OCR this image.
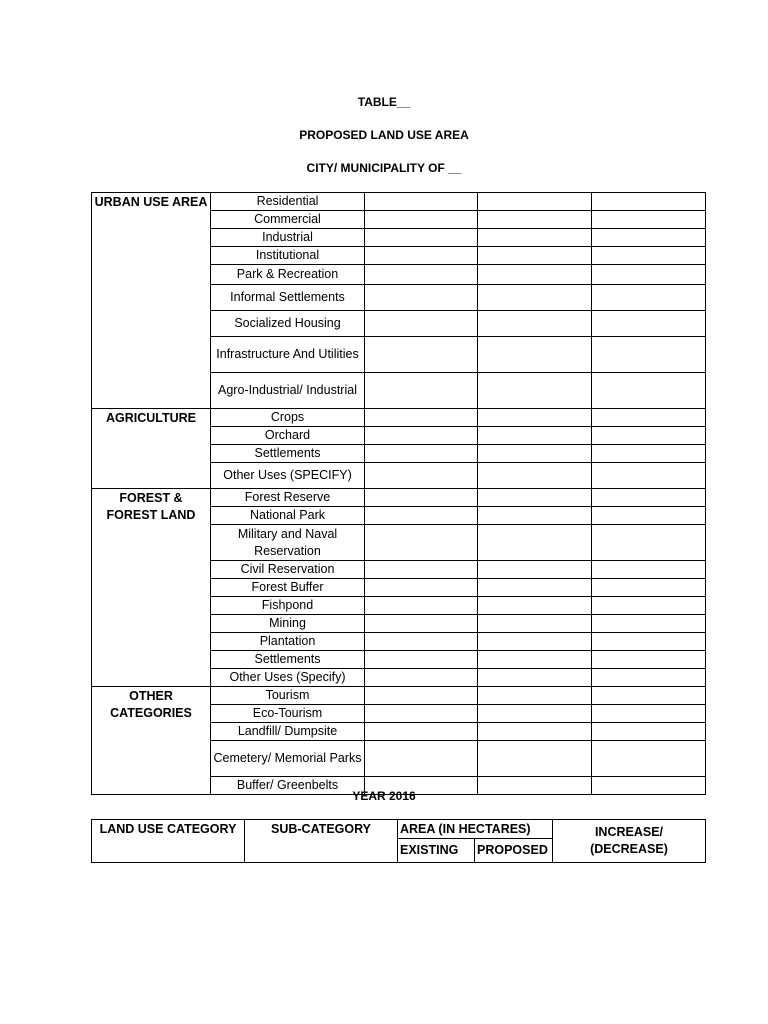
TABLE__
PROPOSED LAND USE AREA
CITY/ MUNICIPALITY OF __
URBAN USE AREA	Residential			
	Commercial			
	Industrial			
	Institutional			
	Park & Recreation			
	Informal Settlements			
	Socialized Housing			
	Infrastructure And Utilities			
	Agro-Industrial/ Industrial			
AGRICULTURE	Crops			
	Orchard			
	Settlements			
	Other Uses (SPECIFY)			
FOREST & FOREST LAND	Forest Reserve			
	National Park			
	Military and Naval Reservation			
	Civil Reservation			
	Forest Buffer			
	Fishpond			
	Mining			
	Plantation			
	Settlements			
	Other Uses (Specify)			
OTHER CATEGORIES	Tourism			
	Eco-Tourism			
	Landfill/ Dumpsite			
	Cemetery/ Memorial Parks			
	Buffer/ Greenbelts			
YEAR 2016
LAND USE CATEGORY	SUB-CATEGORY	AREA (IN HECTARES)		INCREASE/ (DECREASE)
		EXISTING	PROPOSED	
